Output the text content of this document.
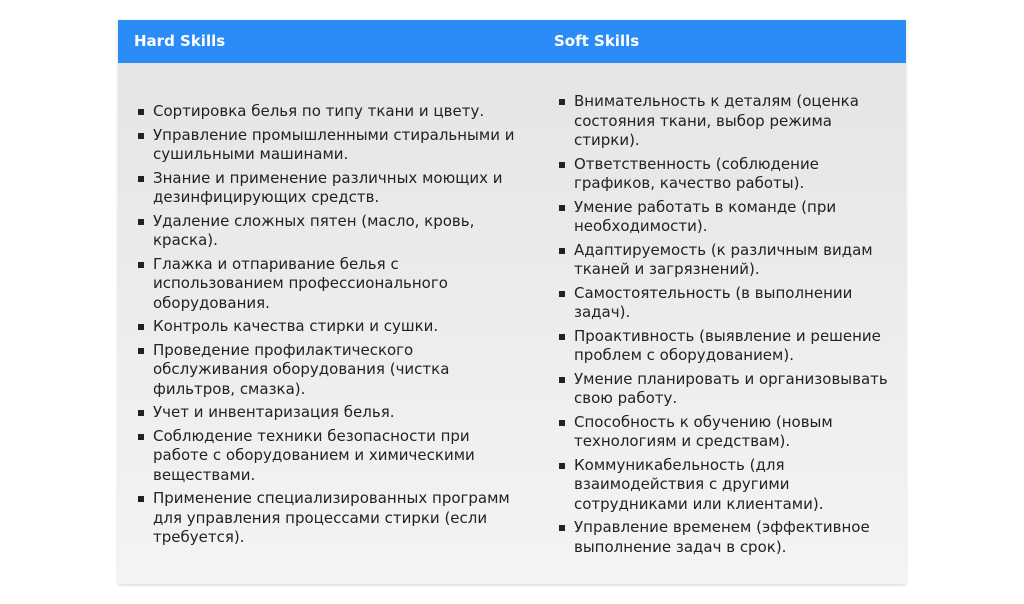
Hard Skills	Soft Skills
Сортировка белья по типу ткани и цвету.
Управление промышленными стиральными и сушильными машинами.
Знание и применение различных моющих и дезинфицирующих средств.
Удаление сложных пятен (масло, кровь, краска).
Глажка и отпаривание белья с использованием профессионального оборудования.
Контроль качества стирки и сушки.
Проведение профилактического обслуживания оборудования (чистка фильтров, смазка).
Учет и инвентаризация белья.
Соблюдение техники безопасности при работе с оборудованием и химическими веществами.
Применение специализированных программ для управления процессами стирки (если требуется).
Внимательность к деталям (оценка состояния ткани, выбор режима стирки).
Ответственность (соблюдение графиков, качество работы).
Умение работать в команде (при необходимости).
Адаптируемость (к различным видам тканей и загрязнений).
Самостоятельность (в выполнении задач).
Проактивность (выявление и решение проблем с оборудованием).
Умение планировать и организовывать свою работу.
Способность к обучению (новым технологиям и средствам).
Коммуникабельность (для взаимодействия с другими сотрудниками или клиентами).
Управление временем (эффективное выполнение задач в срок).
